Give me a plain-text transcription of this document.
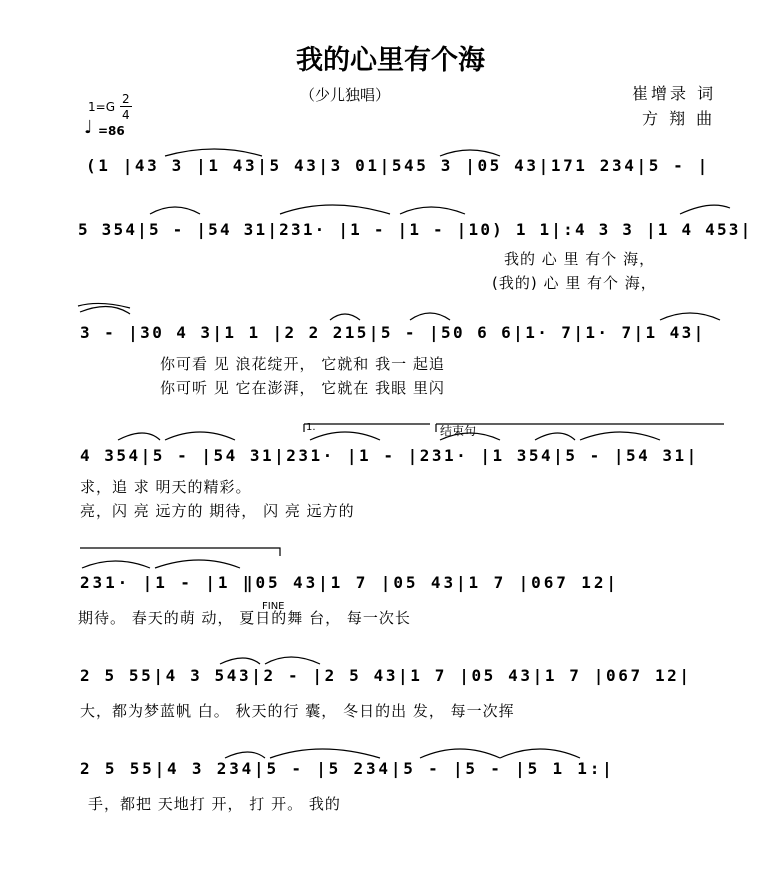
我的心里有个海
（少儿独唱）	崔增录 词
方 翔 曲
1=G
2
4
♩ =86
(1 |43 3 |1 43|5 43|3 01|545 3 |05 43|171 234|5 - |
5 354|5 - |54 31|231· |1 - |1 - |10) 1 1|:4 3 3 |1 4 453|
我的 心 里 有个 海，
(我的) 心 里 有个 海，
3 - |30 4 3|1 1 |2 2 215|5 - |50 6 6|1· 7|1· 7|1 43|
你可看 见 浪花绽开， 它就和 我一 起追
你可听 见 它在澎湃， 它就在 我眼 里闪
1.	结束句
4 354|5 - |54 31|231· |1 - |231· |1 354|5 - |54 31|
求，追 求 明天的精彩。
亮，闪 亮 远方的 期待， 闪 亮 远方的
231· |1 - |1 ‖05 43|1 7 |05 43|1 7 |067 12|
FINE
期待。 春天的萌 动， 夏日的舞 台， 每一次长
2 5 55|4 3 543|2 - |2 5 43|1 7 |05 43|1 7 |067 12|
大，都为梦蓝帆 白。 秋天的行 囊， 冬日的出 发， 每一次挥
2 5 55|4 3 234|5 - |5 234|5 - |5 - |5 1 1:|
手，都把 天地打 开， 打 开。 我的
